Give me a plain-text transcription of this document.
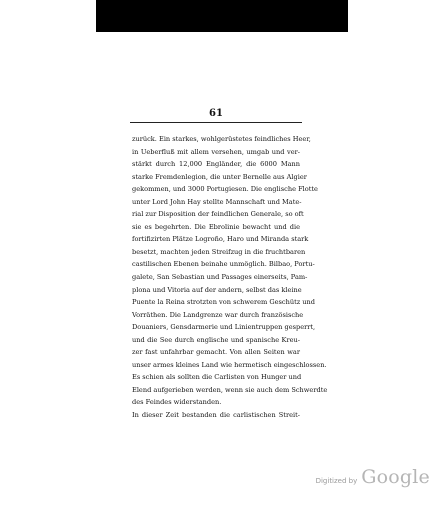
61
zurück. Ein starkes, wohlgerüstetes feindliches Heer,
in Ueberfluß mit allem versehen, umgab und ver-
stärkt durch 12,000 Engländer, die 6000 Mann
starke Fremdenlegion, die unter Bernelle aus Algier
gekommen, und 3000 Portugiesen. Die englische Flotte
unter Lord John Hay stellte Mannschaft und Mate-
rial zur Disposition der feindlichen Generale, so oft
sie es begehrten. Die Ebrolinie bewacht und die
fortifizirten Plätze Logroño, Haro und Miranda stark
besetzt, machten jeden Streifzug in die fruchtbaren
castilischen Ebenen beinahe unmöglich. Bilbao, Portu-
galete, San Sebastian und Passages einerseits, Pam-
plona und Vitoria auf der andern, selbst das kleine
Puente la Reina strotzten von schwerem Geschütz und
Vorräthen. Die Landgrenze war durch französische
Douaniers, Gensdarmerie und Linientruppen gesperrt,
und die See durch englische und spanische Kreu-
zer fast unfahrbar gemacht. Von allen Seiten war
unser armes kleines Land wie hermetisch eingeschlossen.
Es schien als sollten die Carlisten von Hunger und
Elend aufgerieben werden, wenn sie auch dem Schwerdte
des Feindes widerstanden.
In dieser Zeit bestanden die carlistischen Streit-
Digitized by Google
